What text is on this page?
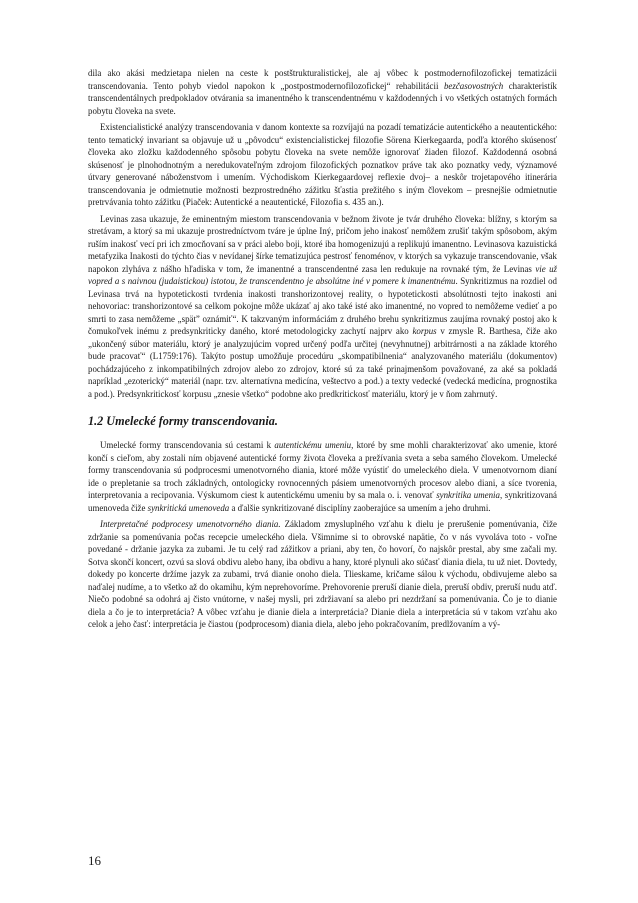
dila ako akási medzietapa nielen na ceste k postštrukturalistickej, ale aj vôbec k postmodernofilozofickej tematizácii transcendovania. Tento pohyb viedol napokon k „postpostmodernofilozofickej“ rehabilitácii bezčasovostných charakteristík transcendentálnych predpokladov otvárania sa imanentného k transcendentnému v každodenných i vo všetkých ostatných formách pobytu človeka na svete.

Existencialistické analýzy transcendovania v danom kontexte sa rozvíjajú na pozadí tematizácie autentického a neautentického: tento tematický invariant sa objavuje už u „pôvodcu“ existencialistickej filozofie Sörena Kierkegaarda, podľa ktorého skúsenosť človeka ako zložku každodenného spôsobu pobytu človeka na svete nemôže ignorovať žiaden filozof. Každodenná osobná skúsenosť je plnohodnotným a neredukovateľným zdrojom filozofických poznatkov práve tak ako poznatky vedy, významové útvary generované náboženstvom i umením. Východiskom Kierkegaardovej reflexie dvoj– a neskôr trojetapového itinerária transcendovania je odmietnutie možnosti bezprostredného zážitku šťastia prežitého s iným človekom – presnejšie odmietnutie pretrvávania tohto zážitku (Piaček: Autentické a neautentické, Filozofia s. 435 an.).

Levinas zasa ukazuje, že eminentným miestom transcendovania v bežnom živote je tvár druhého človeka: blížny, s ktorým sa stretávam, a ktorý sa mi ukazuje prostredníctvom tváre je úplne Iný, pričom jeho inakosť nemôžem zrušiť takým spôsobom, akým ruším inakosť vecí pri ich zmocňovaní sa v práci alebo boji, ktoré iba homogenizujú a replikujú imanentno. Levinasova kazuistická metafyzika Inakosti do týchto čias v nevídanej šírke tematizujúca pestrosť fenoménov, v ktorých sa vykazuje transcendovanie, však napokon zlyháva z nášho hľadiska v tom, že imanentné a transcendentné zasa len redukuje na rovnaké tým, že Levinas vie už vopred a s naivnou (judaistickou) istotou, že transcendentno je absolútne iné v pomere k imanentnému. Synkritizmus na rozdiel od Levinasa trvá na hypotetickosti tvrdenia inakosti transhorizontovej reality, o hypotetickosti absolútnosti tejto inakosti ani nehovoriac: transhorizontové sa celkom pokojne môže ukázať aj ako také isté ako imanentné, no vopred to nemôžeme vedieť a po smrti to zasa nemôžeme „spätˮ oznámiť“. K takzvaným informáciám z druhého brehu synkritizmus zaujíma rovnaký postoj ako k čomukoľvek inému z predsynkriticky daného, ktoré metodologicky zachytí najprv ako korpus v zmysle R. Barthesa, čiže ako „ukončený súbor materiálu, ktorý je analyzujúcim vopred určený podľa určitej (nevyhnutnej) arbitrárnosti a na základe ktorého bude pracovať“ (L1759:176). Takýto postup umožňuje procedúru „skompatibilnenia“ analyzovaného materiálu (dokumentov) pochádzajúceho z inkompatibilných zdrojov alebo zo zdrojov, ktoré sú za také prinajmenšom považované, za aké sa pokladá napríklad „ezoterický“ materiál (napr. tzv. alternatívna medicína, veštectvo a pod.) a texty vedecké (vedecká medicína, prognostika a pod.). Predsynkritickosť korpusu „znesie všetko“ podobne ako predkritickosť materiálu, ktorý je v ňom zahrnutý.

1.2 Umelecké formy transcendovania.

Umelecké formy transcendovania sú cestami k autentickému umeniu, ktoré by sme mohli charakterizovať ako umenie, ktoré končí s cieľom, aby zostali ním objavené autentické formy života človeka a prežívania sveta a seba samého človekom. Umelecké formy transcendovania sú podprocesmi umenotvorného diania, ktoré môže vyústiť do umeleckého diela. V umenotvornom dianí ide o prepletanie sa troch základných, ontologicky rovnocenných pásiem umenotvorných procesov alebo diani, a síce tvorenia, interpretovania a recipovania. Výskumom ciest k autentickému umeniu by sa mala o. i. venovať synkritika umenia, synkritizovaná umenoveda čiže synkritická umenoveda a ďalšie synkritizované disciplíny zaoberajúce sa umením a jeho druhmi.

Interpretačné podprocesy umenotvorného diania. Základom zmysluplného vzťahu k dielu je prerušenie pomenúvania, čiže zdržanie sa pomenúvania počas recepcie umeleckého diela. Všimnime si to obrovské napätie, čo v nás vyvoláva toto - voľne povedané - držanie jazyka za zubami. Je tu celý rad zážitkov a priani, aby ten, čo hovorí, čo najskôr prestal, aby sme začali my. Sotva skončí koncert, ozvú sa slová obdivu alebo hany, iba obdivu a hany, ktoré plynuli ako súčasť diania diela, tu už niet. Dovtedy, dokedy po koncerte držíme jazyk za zubami, trvá dianie onoho diela. Tlieskame, kričame sálou k východu, obdivujeme alebo sa naďalej nudíme, a to všetko až do okamihu, kým neprehovoríme. Prehovorenie preruší dianie diela, preruší obdiv, preruší nudu atď. Niečo podobné sa odohrá aj čisto vnútorne, v našej mysli, pri zdržiavaní sa alebo pri nezdržaní sa pomenúvania. Čo je to dianie diela a čo je to interpretácia? A vôbec vzťahu je dianie diela a interpretácia? Dianie diela a interpretácia sú v takom vzťahu ako celok a jeho časť: interpretácia je čiastou (podprocesom) diania diela, alebo jeho pokračovaním, predlžovaním a vý-

16
